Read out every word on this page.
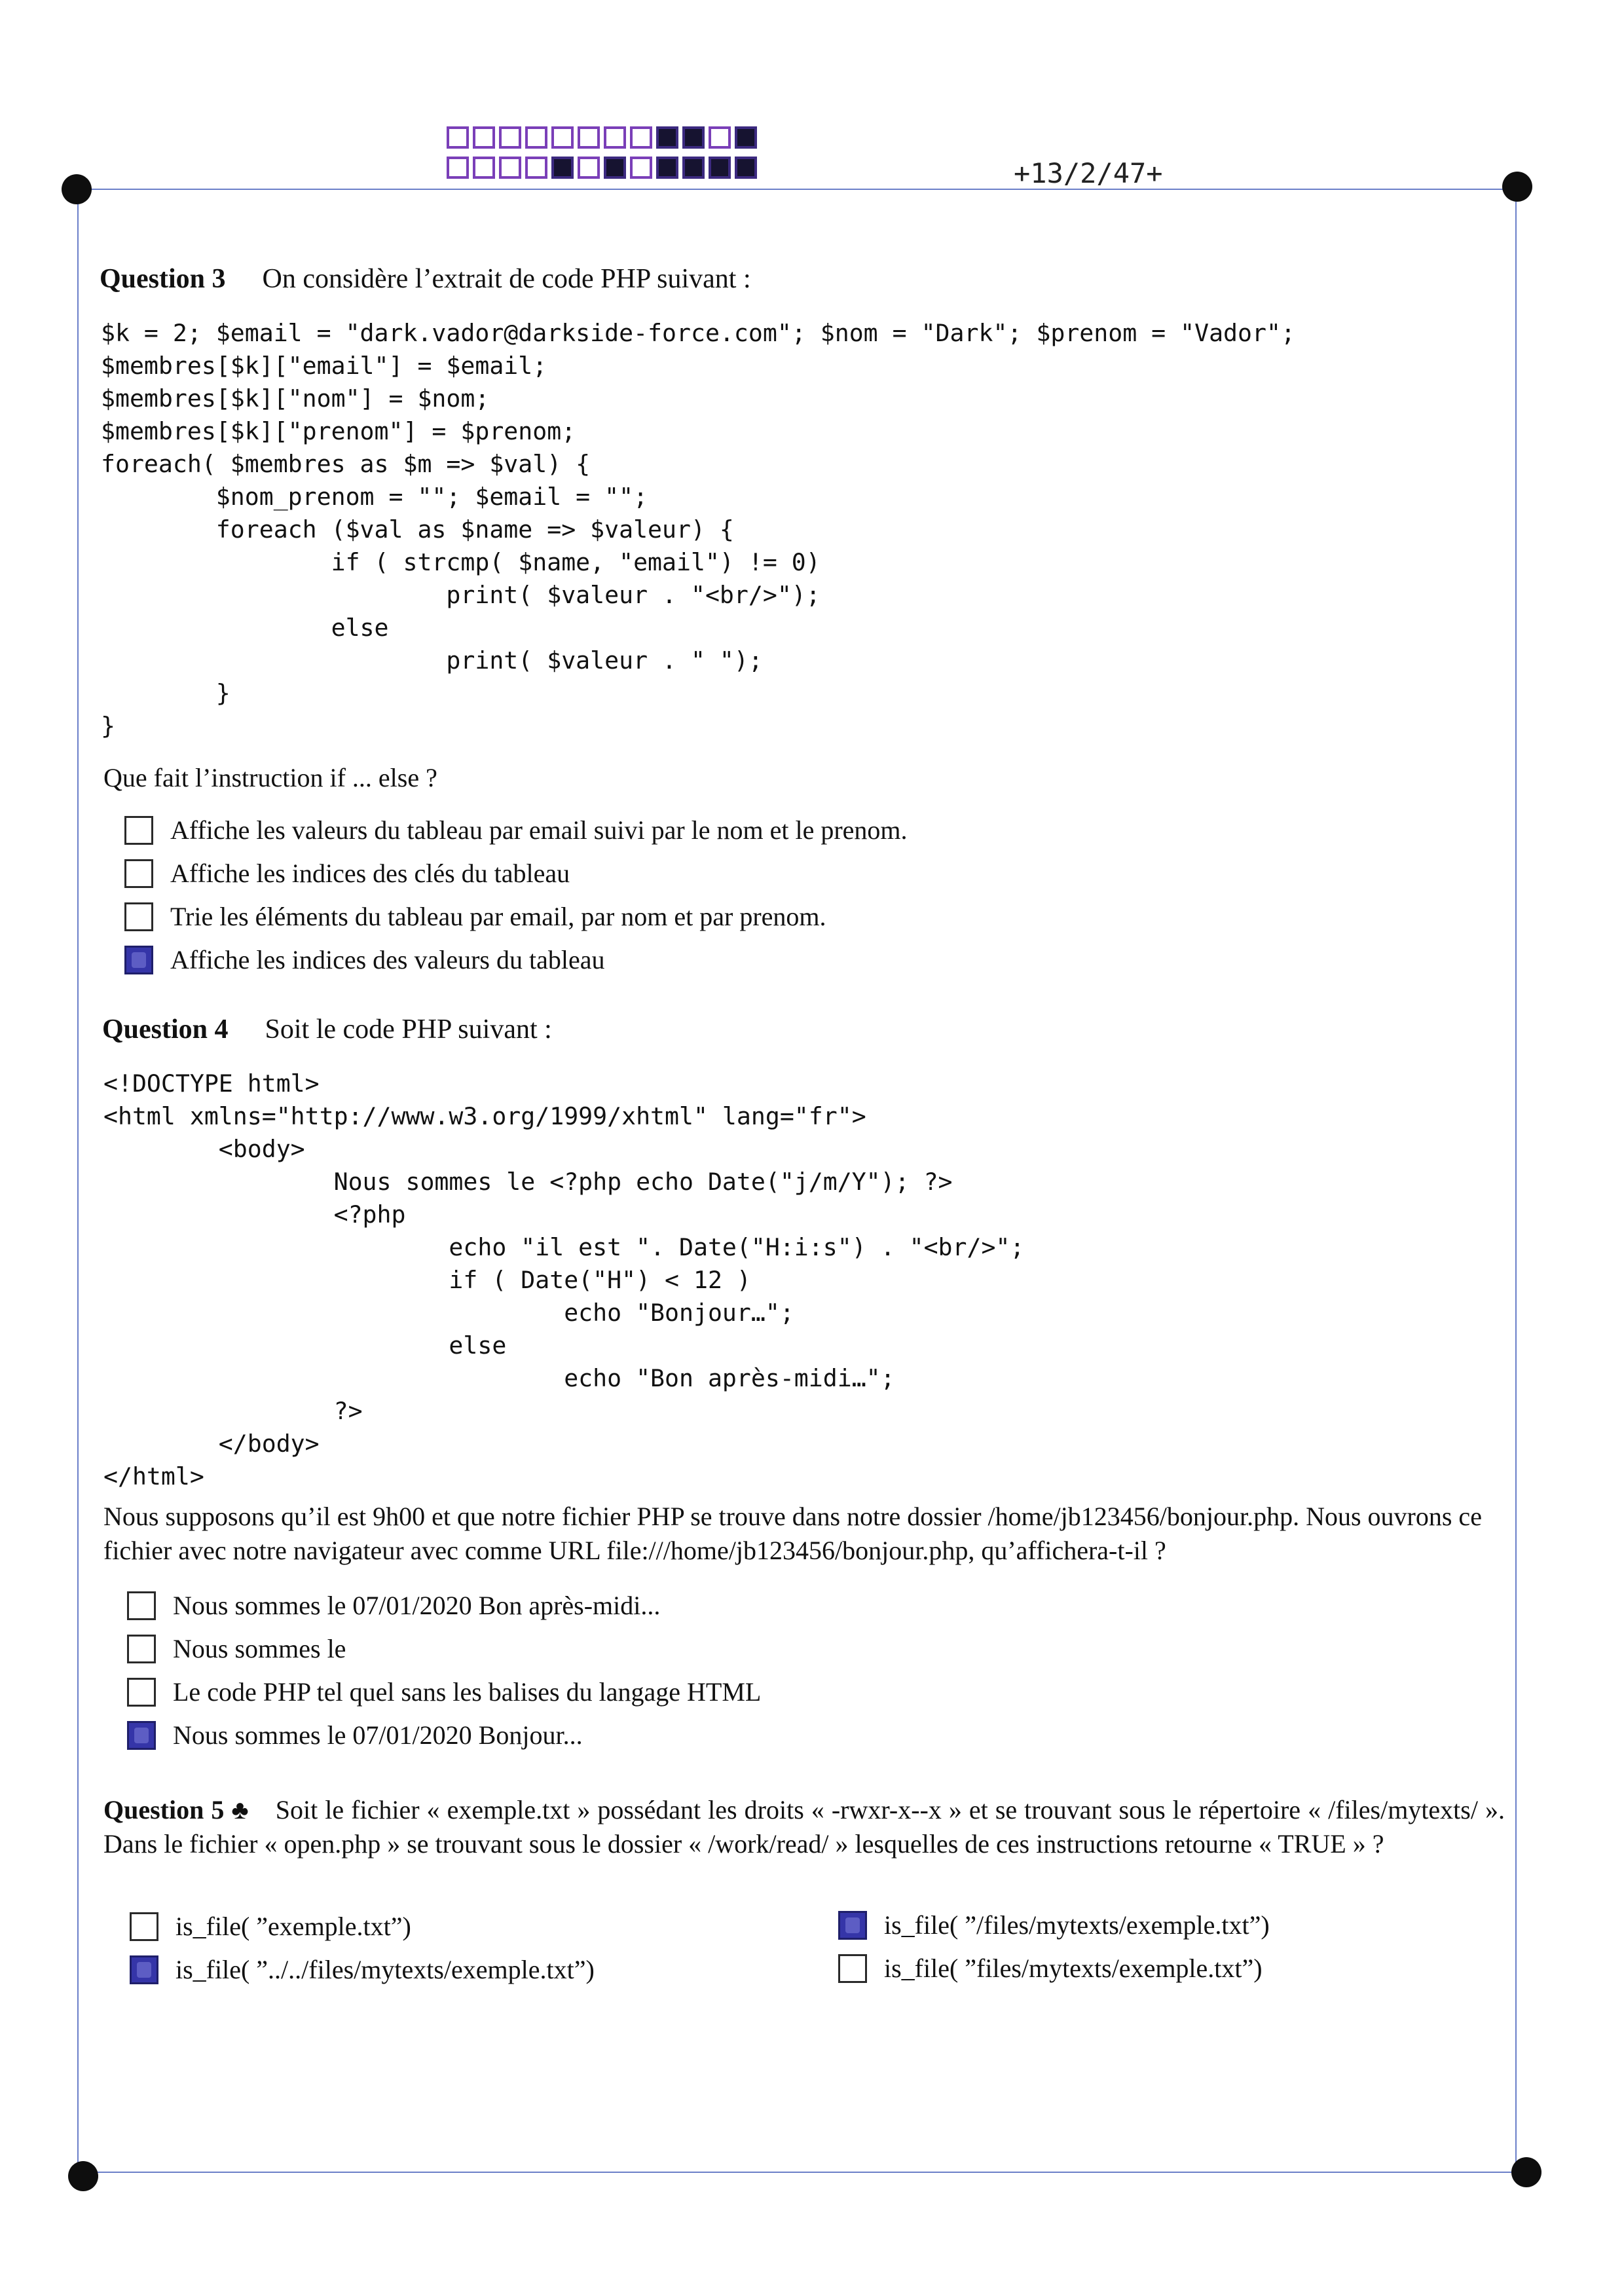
+13/2/47+
Question 3 On considère l’extrait de code PHP suivant :
$k = 2; $email = "dark.vador@darkside-force.com"; $nom = "Dark"; $prenom = "Vador";
$membres[$k]["email"] = $email;
$membres[$k]["nom"] = $nom;
$membres[$k]["prenom"] = $prenom;
foreach( $membres as $m => $val) {
$nom_prenom = ""; $email = "";
foreach ($val as $name => $valeur) {
if ( strcmp( $name, "email") != 0)
print( $valeur . "<br/>");
else
print( $valeur . " ");
}
}
Que fait l’instruction if ... else ?
Affiche les valeurs du tableau par email suivi par le nom et le prenom.
Affiche les indices des clés du tableau
Trie les éléments du tableau par email, par nom et par prenom.
Affiche les indices des valeurs du tableau
Question 4 Soit le code PHP suivant :
<!DOCTYPE html>
<html xmlns="http://www.w3.org/1999/xhtml" lang="fr">
<body>
Nous sommes le <?php echo Date("j/m/Y"); ?>
<?php
echo "il est ". Date("H:i:s") . "<br/>";
if ( Date("H") < 12 )
echo "Bonjour…";
else
echo "Bon après-midi…";
?>
</body>
</html>
Nous supposons qu’il est 9h00 et que notre fichier PHP se trouve dans notre dossier /home/jb123456/bonjour.php. Nous ouvrons ce fichier avec notre navigateur avec comme URL file:///home/jb123456/bonjour.php, qu’affichera-t-il ?
Nous sommes le 07/01/2020 Bon après-midi...
Nous sommes le
Le code PHP tel quel sans les balises du langage HTML
Nous sommes le 07/01/2020 Bonjour...
Question 5 ♣ Soit le fichier « exemple.txt » possédant les droits « -rwxr-x--x » et se trouvant sous le répertoire « /files/mytexts/ ». Dans le fichier « open.php » se trouvant sous le dossier « /work/read/ » lesquelles de ces instructions retourne « TRUE » ?
is_file( ”exemple.txt”)	is_file( ”/files/mytexts/exemple.txt”)
is_file( ”../../files/mytexts/exemple.txt”)	is_file( ”files/mytexts/exemple.txt”)
